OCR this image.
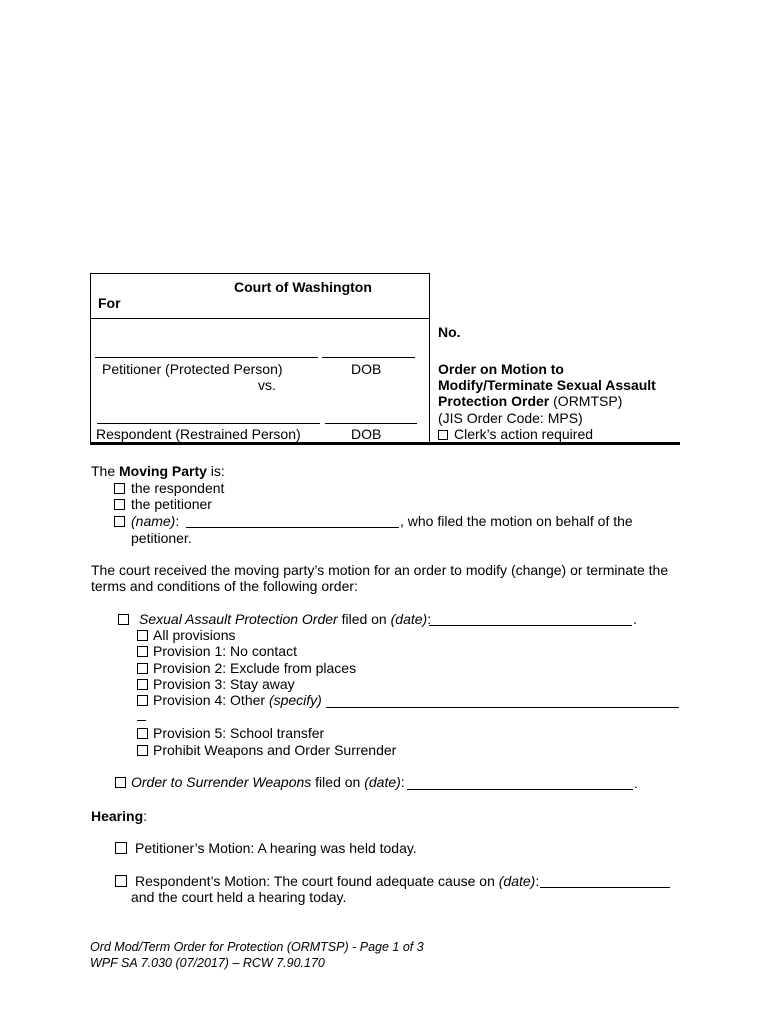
Court of Washington
For
Petitioner (Protected Person)	DOB
vs.
Respondent (Restrained Person)	DOB
No.
Order on Motion to
Modify/Terminate Sexual Assault
Protection Order (ORMTSP)
(JIS Order Code: MPS)
Clerk’s action required
The Moving Party is:
the respondent
the petitioner
(name):	, who filed the motion on behalf of the
petitioner.
The court received the moving party’s motion for an order to modify (change) or terminate the
terms and conditions of the following order:
Sexual Assault Protection Order filed on (date):	.
All provisions
Provision 1: No contact
Provision 2: Exclude from places
Provision 3: Stay away
Provision 4: Other (specify)
Provision 5: School transfer
Prohibit Weapons and Order Surrender
Order to Surrender Weapons filed on (date):	.
Hearing:
Petitioner’s Motion: A hearing was held today.
Respondent’s Motion: The court found adequate cause on (date):
and the court held a hearing today.
Ord Mod/Term Order for Protection (ORMTSP) - Page 1 of 3
WPF SA 7.030 (07/2017) – RCW 7.90.170
